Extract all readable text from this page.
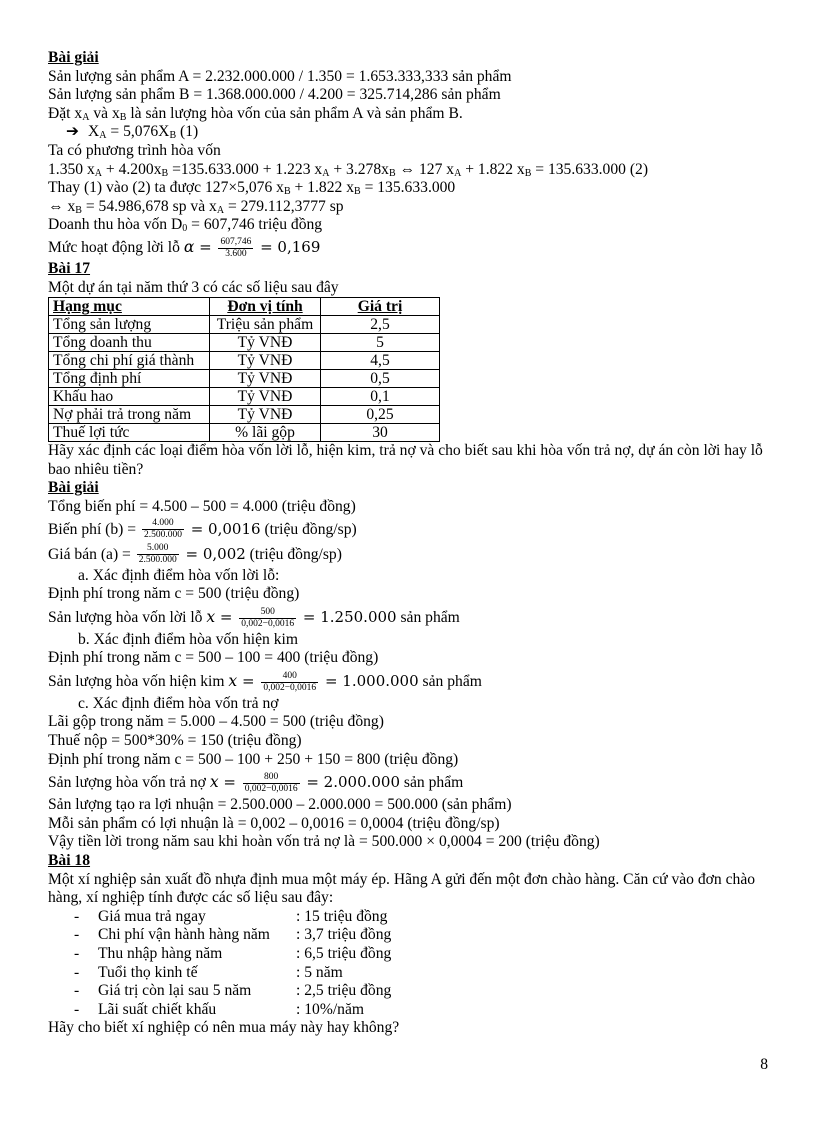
Bài giải
Sản lượng sản phẩm A = 2.232.000.000 / 1.350 = 1.653.333,333 sản phẩm
Sản lượng sản phẩm B = 1.368.000.000 / 4.200 = 325.714,286 sản phẩm
Đặt $x_A$ và $x_B$ là sản lượng hòa vốn của sản phẩm A và sản phẩm B.
➔ $X_A = 5,076X_B$ (1)
Ta có phương trình hòa vốn
1.350 $x_A + 4.200x_B =135.633.000 + 1.223$ $x_A + 3.278x_B$ ⇔ 127 $x_A + 1.822$ $x_B = 135.633.000$ (2)
Thay (1) vào (2) ta được 127×5,076 $x_B + 1.822$ $x_B = 135.633.000$
⇔ $x_B = 54.986,678$ sp và $x_A = 279.112,3777$ sp
Doanh thu hòa vốn $D_0 = 607,746$ triệu đồng
Mức hoạt động lời lỗ $\alpha = \frac{607,746}{3.600} = 0,169$
Bài 17
Một dự án tại năm thứ 3 có các số liệu sau đây
Hạng mục	Đơn vị tính	Giá trị
Tổng sản lượng	Triệu sản phẩm	2,5
Tổng doanh thu	Tỷ VNĐ	5
Tổng chi phí giá thành	Tỷ VNĐ	4,5
Tổng định phí	Tỷ VNĐ	0,5
Khấu hao	Tỷ VNĐ	0,1
Nợ phải trả trong năm	Tỷ VNĐ	0,25
Thuế lợi tức	% lãi gộp	30
Hãy xác định các loại điểm hòa vốn lời lỗ, hiện kim, trả nợ và cho biết sau khi hòa vốn trả nợ, dự án còn lời hay lỗ bao nhiêu tiền?
Bài giải
Tổng biến phí = 4.500 – 500 = 4.000 (triệu đồng)
Biến phí $(b) = \frac{4.000}{2.500.000} = 0,0016$ (triệu đồng/sp)
Giá bán $(a) = \frac{5.000}{2.500.000} = 0,002$ (triệu đồng/sp)
a. Xác định điểm hòa vốn lời lỗ:
Định phí trong năm c = 500 (triệu đồng)
Sản lượng hòa vốn lời lỗ $x = \frac{500}{0,002-0,0016} = 1.250.000$ sản phẩm
b. Xác định điểm hòa vốn hiện kim
Định phí trong năm c = 500 – 100 = 400 (triệu đồng)
Sản lượng hòa vốn hiện kim $x = \frac{400}{0,002-0,0016} = 1.000.000$ sản phẩm
c. Xác định điểm hòa vốn trả nợ
Lãi gộp trong năm = 5.000 – 4.500 = 500 (triệu đồng)
Thuế nộp = 500*30% = 150 (triệu đồng)
Định phí trong năm c = 500 – 100 + 250 + 150 = 800 (triệu đồng)
Sản lượng hòa vốn trả nợ $x = \frac{800}{0,002-0,0016} = 2.000.000$ sản phẩm
Sản lượng tạo ra lợi nhuận = 2.500.000 – 2.000.000 = 500.000 (sản phẩm)
Mỗi sản phẩm có lợi nhuận là = 0,002 – 0,0016 = 0,0004 (triệu đồng/sp)
Vậy tiền lời trong năm sau khi hoàn vốn trả nợ là = 500.000 × 0,0004 = 200 (triệu đồng)
Bài 18
Một xí nghiệp sản xuất đồ nhựa định mua một máy ép. Hãng A gửi đến một đơn chào hàng. Căn cứ vào đơn chào hàng, xí nghiệp tính được các số liệu sau đây:
-	Giá mua trả ngay	: 15 triệu đồng
-	Chi phí vận hành hàng năm	: 3,7 triệu đồng
-	Thu nhập hàng năm	: 6,5 triệu đồng
-	Tuổi thọ kinh tế	: 5 năm
-	Giá trị còn lại sau 5 năm	: 2,5 triệu đồng
-	Lãi suất chiết khấu	: 10%/năm
Hãy cho biết xí nghiệp có nên mua máy này hay không?
8
